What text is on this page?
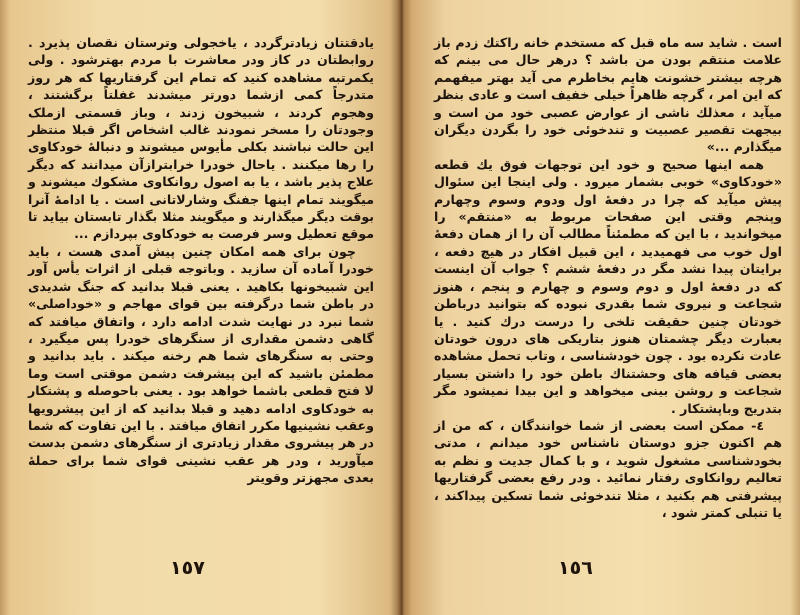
یادقتتان زیادترگردد ، یاخجولی وترستان نقصان پذیرد . روابطتان در کاز ودر معاشرت با مردم بهترشود . ولی یکمرتبه مشاهده کنید که تمام این گرفتاریها که هر روز متدرجاً کمی ازشما دورتر میشدند غفلتاً برگشتند ، وهجوم کردند ، شبیخون زدند ، وباز قسمتی ازملک وجودتان را مسخر نمودند غالب اشخاص اگر قبلا منتظر این حالت نباشند بکلی مأیوس میشوند و دنبالهٔ خودکاوی را رها میکنند . یاحال خودرا خرابترازآن میدانند که دیگر علاج پذیر باشد ، یا به اصول روانکاوی مشکوك میشوند و میگویند تمام اینها جفنگ وشارلاتانی است . یا ادامهٔ آنرا بوقت دیگر میگذارند و میگویند مثلا بگذار تابستان بیاید تا موقع تعطیل وسر فرصت به خودکاوی بپردازم ...

چون برای همه امکان چنین پیش آمدی هست ، باید خودرا آماده آن سازید . وباتوجه قبلی از اثرات یأس آور این شبیخونها بکاهید . یعنی قبلا بدانید که جنگ شدیدی در باطن شما درگرفته بین قوای مهاجم و «خوداصلی» شما نبرد در نهایت شدت ادامه دارد ، واتفاق میافتد که گاهی دشمن مقداری از سنگرهای خودرا پس میگیرد ، وحتی به سنگرهای شما هم رخنه میکند . باید بدانید و مطمئن باشید که این پیشرفت دشمن موقتی است وما لا فتح قطعی باشما خواهد بود . یعنی باحوصله و پشتکار به خودکاوی ادامه دهید و قبلا بدانید که از این پیشرویها وعقب نشینیها مکرر اتفاق میافتد . با این تفاوت که شما در هر پیشروی مقدار زیادتری از سنگرهای دشمن بدست میآورید ، ودر هر عقب نشینی قوای شما برای حملهٔ بعدی مجهزتر وقویتر

١٥٧

است . شاید سه ماه قبل که مستخدم خانه راکتك زدم باز علامت منتقم بودن من باشد ؟ درهر حال می بینم که هرچه بیشتر خشونت هایم بخاطرم می آید بهتر میفهمم که این امر ، گرچه ظاهراً خیلی خفیف است و عادی بنظر میآید ، معذلك ناشی از عوارض عصبی خود من است و بیجهت تقصیر عصبیت و تندخوئی خود را بگردن دیگران میگذارم ...»

همه اینها صحیح و خود این توجهات فوق یك قطعه «خودکاوی» خوبی بشمار میرود . ولی اینجا این سئوال پیش میآید که چرا در دفعهٔ اول ودوم وسوم وچهارم وپنجم وقتی این صفحات مربوط به «منتقم» را میخواندید ، با این که مطمئناً مطالب آن را از همان دفعهٔ اول خوب می فهمیدید ، این قبیل افکار در هیچ دفعه ، برایتان پیدا نشد مگر در دفعهٔ ششم ؟ جواب آن اینست که در دفعهٔ اول و دوم وسوم و چهارم و پنجم ، هنوز شجاعت و نیروی شما بقدری نبوده که بتوانید درباطن خودتان چنین حقیقت تلخی را درست درك کنید . یا بعبارت دیگر چشمتان هنوز بتاریکی های درون خودتان عادت نکرده بود . چون خودشناسی ، وتاب تحمل مشاهده بعضی قیافه های وحشتناك باطن خود را داشتن بسیار شجاعت و روشن بینی میخواهد و این بیدا نمیشود مگر بتدریج وباپشتکار .

٤- ممکن است بعضی از شما خوانندگان ، که من از هم اکنون جزو دوستان ناشناس خود میدانم ، مدتی بخودشناسی مشغول شوید ، و با کمال جدیت و نظم به تعالیم روانکاوی رفتار نمائید . ودر رفع بعضی گرفتاریها پیشرفتی هم بکنید ، مثلا تندخوئی شما تسکین پیداکند ، یا تنبلی کمتر شود ،

١٥٦
